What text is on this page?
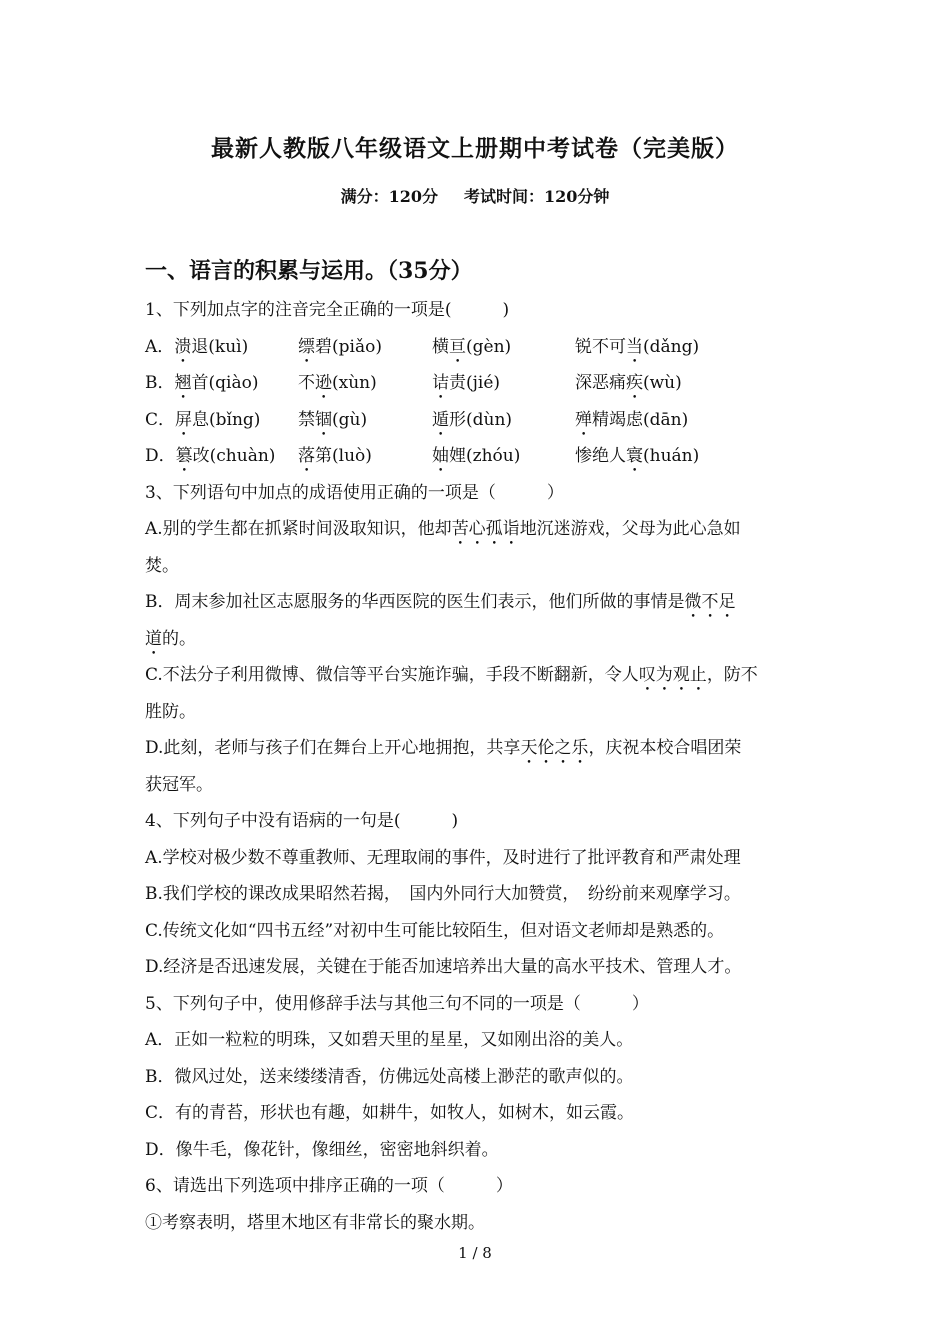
最新人教版八年级语文上册期中考试卷（完美版）
满分：120分 考试时间：120分钟
一、语言的积累与运用。（35分）
1、下列加点字的注音完全正确的一项是(　　　)
A．溃退(kuì)	缥碧(piǎo)	横亘(gèn)	锐不可当(dǎng)
B．翘首(qiào)	不逊(xùn)	诘责(jié)	深恶痛疾(wù)
C．屏息(bǐng)	禁锢(gù)	遁形(dùn)	殚精竭虑(dān)
D．篡改(chuàn)	落第(luò)	妯娌(zhóu)	惨绝人寰(huán)
3、下列语句中加点的成语使用正确的一项是（　　　）
A.别的学生都在抓紧时间汲取知识，他却苦心孤诣地沉迷游戏，父母为此心急如
焚。
B．周末参加社区志愿服务的华西医院的医生们表示，他们所做的事情是微不足
道的。
C.不法分子利用微博、微信等平台实施诈骗，手段不断翻新，令人叹为观止，防不
胜防。
D.此刻，老师与孩子们在舞台上开心地拥抱，共享天伦之乐，庆祝本校合唱团荣
获冠军。
4、下列句子中没有语病的一句是(　　　)
A.学校对极少数不尊重教师、无理取闹的事件，及时进行了批评教育和严肃处理
B.我们学校的课改成果昭然若揭，　国内外同行大加赞赏，　纷纷前来观摩学习。
C.传统文化如“四书五经”对初中生可能比较陌生，但对语文老师却是熟悉的。
D.经济是否迅速发展，关键在于能否加速培养出大量的高水平技术、管理人才。
5、下列句子中，使用修辞手法与其他三句不同的一项是（　　　）
A．正如一粒粒的明珠，又如碧天里的星星，又如刚出浴的美人。
B．微风过处，送来缕缕清香，仿佛远处高楼上渺茫的歌声似的。
C．有的青苔，形状也有趣，如耕牛，如牧人，如树木，如云霞。
D．像牛毛，像花针，像细丝，密密地斜织着。
6、请选出下列选项中排序正确的一项（　　　）
①考察表明，塔里木地区有非常长的聚水期。
1 / 8
